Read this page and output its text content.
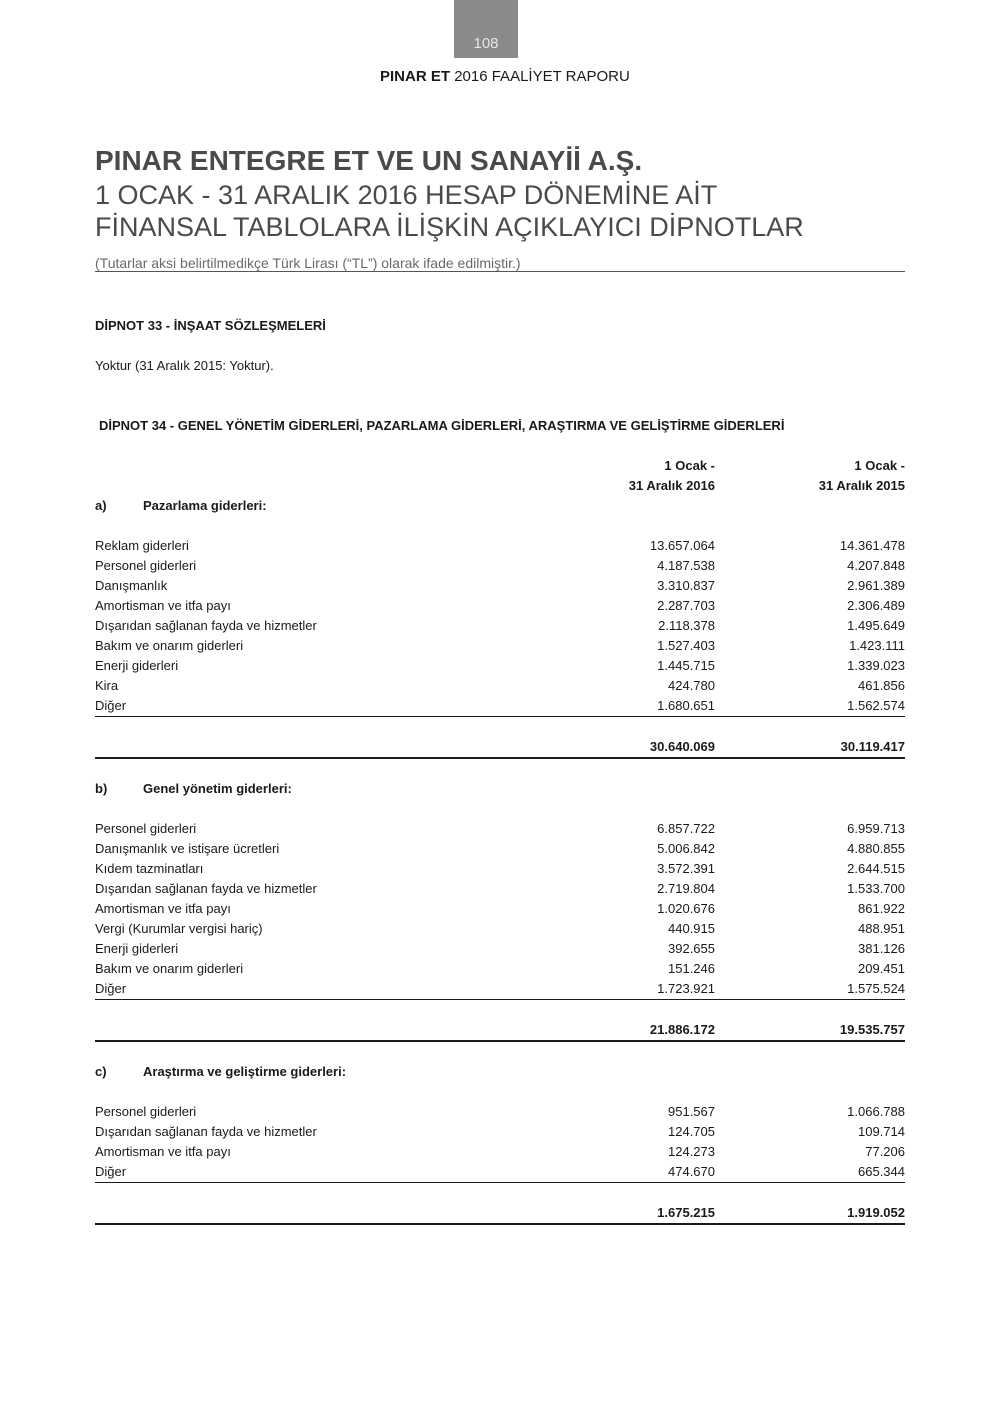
108
PINAR ET 2016 FAALİYET RAPORU
PINAR ENTEGRE ET VE UN SANAYİİ A.Ş.
1 OCAK - 31 ARALIK 2016 HESAP DÖNEMİNE AİT
FİNANSAL TABLOLARA İLİŞKİN AÇIKLAYICI DİPNOTLAR
(Tutarlar aksi belirtilmedikçe Türk Lirası (“TL”) olarak ifade edilmiştir.)
DİPNOT 33 - İNŞAAT SÖZLEŞMELERİ
Yoktur (31 Aralık 2015: Yoktur).
DİPNOT 34 - GENEL YÖNETİM GİDERLERİ, PAZARLAMA GİDERLERİ, ARAŞTIRMA VE GELİŞTİRME GİDERLERİ
	1 Ocak -	1 Ocak -
	31 Aralık 2016	31 Aralık 2015
a) Pazarlama giderleri:		

Reklam giderleri	13.657.064	14.361.478
Personel giderleri	4.187.538	4.207.848
Danışmanlık	3.310.837	2.961.389
Amortisman ve itfa payı	2.287.703	2.306.489
Dışarıdan sağlanan fayda ve hizmetler	2.118.378	1.495.649
Bakım ve onarım giderleri	1.527.403	1.423.111
Enerji giderleri	1.445.715	1.339.023
Kira	424.780	461.856
Diğer	1.680.651	1.562.574

	30.640.069	30.119.417

b) Genel yönetim giderleri:		

Personel giderleri	6.857.722	6.959.713
Danışmanlık ve istişare ücretleri	5.006.842	4.880.855
Kıdem tazminatları	3.572.391	2.644.515
Dışarıdan sağlanan fayda ve hizmetler	2.719.804	1.533.700
Amortisman ve itfa payı	1.020.676	861.922
Vergi (Kurumlar vergisi hariç)	440.915	488.951
Enerji giderleri	392.655	381.126
Bakım ve onarım giderleri	151.246	209.451
Diğer	1.723.921	1.575.524

	21.886.172	19.535.757

c) Araştırma ve geliştirme giderleri:		

Personel giderleri	951.567	1.066.788
Dışarıdan sağlanan fayda ve hizmetler	124.705	109.714
Amortisman ve itfa payı	124.273	77.206
Diğer	474.670	665.344

	1.675.215	1.919.052
